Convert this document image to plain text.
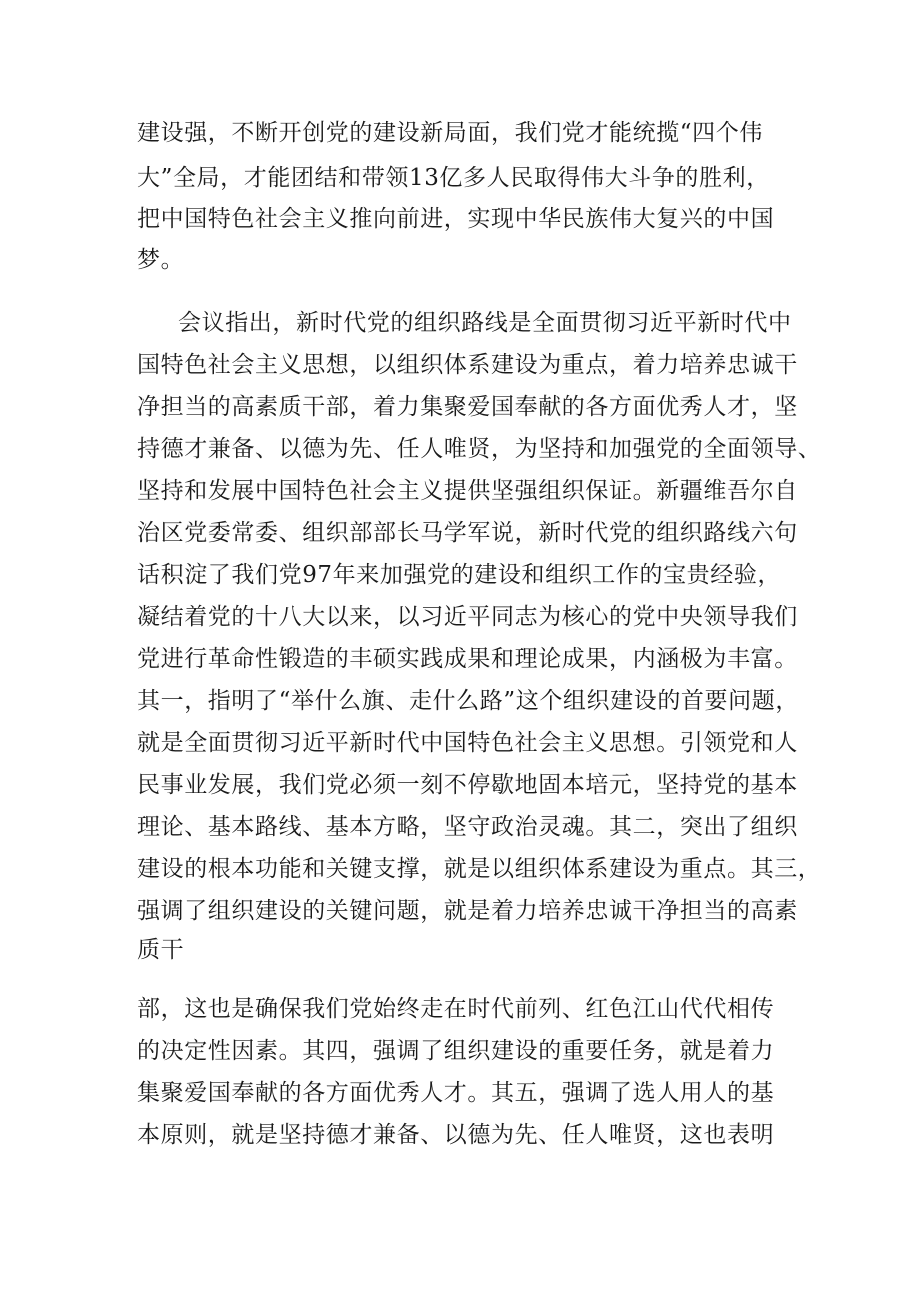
建设强，不断开创党的建设新局面，我们党才能统揽“四个伟
大”全局，才能团结和带领13亿多人民取得伟大斗争的胜利，
把中国特色社会主义推向前进，实现中华民族伟大复兴的中国
梦。
会议指出，新时代党的组织路线是全面贯彻习近平新时代中
国特色社会主义思想，以组织体系建设为重点，着力培养忠诚干
净担当的高素质干部，着力集聚爱国奉献的各方面优秀人才，坚
持德才兼备、以德为先、任人唯贤，为坚持和加强党的全面领导、
坚持和发展中国特色社会主义提供坚强组织保证。新疆维吾尔自
治区党委常委、组织部部长马学军说，新时代党的组织路线六句
话积淀了我们党97年来加强党的建设和组织工作的宝贵经验，
凝结着党的十八大以来，以习近平同志为核心的党中央领导我们
党进行革命性锻造的丰硕实践成果和理论成果，内涵极为丰富。
其一，指明了“举什么旗、走什么路”这个组织建设的首要问题，
就是全面贯彻习近平新时代中国特色社会主义思想。引领党和人
民事业发展，我们党必须一刻不停歇地固本培元，坚持党的基本
理论、基本路线、基本方略，坚守政治灵魂。其二，突出了组织
建设的根本功能和关键支撑，就是以组织体系建设为重点。其三，
强调了组织建设的关键问题，就是着力培养忠诚干净担当的高素
质干
部，这也是确保我们党始终走在时代前列、红色江山代代相传
的决定性因素。其四，强调了组织建设的重要任务，就是着力
集聚爱国奉献的各方面优秀人才。其五，强调了选人用人的基
本原则，就是坚持德才兼备、以德为先、任人唯贤，这也表明
